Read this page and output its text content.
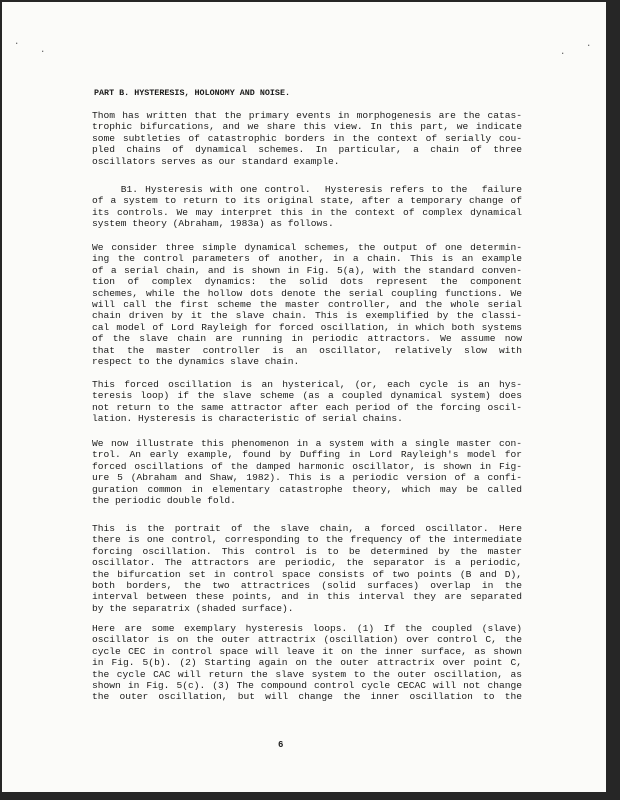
·
·
·
·
PART B. HYSTERESIS, HOLONOMY AND NOISE.
Thom has written that the primary events in morphogenesis are the catas-
trophic bifurcations, and we share this view. In this part, we indicate
some subtleties of catastrophic borders in the context of serially cou-
pled chains of dynamical schemes. In particular, a chain of three
oscillators serves as our standard example.
B1. Hysteresis with one control.  Hysteresis refers to the  failure
of a system to return to its original state, after a temporary change of
its controls. We may interpret this in the context of complex dynamical
system theory (Abraham, 1983a) as follows.
We consider three simple dynamical schemes, the output of one determin-
ing the control parameters of another, in a chain. This is an example
of a serial chain, and is shown in Fig. 5(a), with the standard conven-
tion of complex dynamics: the solid dots represent the component
schemes, while the hollow dots denote the serial coupling functions. We
will call the first scheme the master controller, and the whole serial
chain driven by it the slave chain. This is exemplified by the classi-
cal model of Lord Rayleigh for forced oscillation, in which both systems
of the slave chain are running in periodic attractors. We assume now
that the master controller is an oscillator, relatively slow with
respect to the dynamics slave chain.
This forced oscillation is an hysterical, (or, each cycle is an hys-
teresis loop) if the slave scheme (as a coupled dynamical system) does
not return to the same attractor after each period of the forcing oscil-
lation. Hysteresis is characteristic of serial chains.
We now illustrate this phenomenon in a system with a single master con-
trol. An early example, found by Duffing in Lord Rayleigh's model for
forced oscillations of the damped harmonic oscillator, is shown in Fig-
ure 5 (Abraham and Shaw, 1982). This is a periodic version of a confi-
guration common in elementary catastrophe theory, which may be called
the periodic double fold.
This is the portrait of the slave chain, a forced oscillator. Here
there is one control, corresponding to the frequency of the intermediate
forcing oscillation. This control is to be determined by the master
oscillator. The attractors are periodic, the separator is a periodic,
the bifurcation set in control space consists of two points (B and D),
both borders, the two attractrices (solid surfaces) overlap in the
interval between these points, and in this interval they are separated
by the separatrix (shaded surface).
Here are some exemplary hysteresis loops. (1) If the coupled (slave)
oscillator is on the outer attractrix (oscillation) over control C, the
cycle CEC in control space will leave it on the inner surface, as shown
in Fig. 5(b). (2) Starting again on the outer attractrix over point C,
the cycle CAC will return the slave system to the outer oscillation, as
shown in Fig. 5(c). (3) The compound control cycle CECAC will not change
the outer oscillation, but will change the inner oscillation to the
6
